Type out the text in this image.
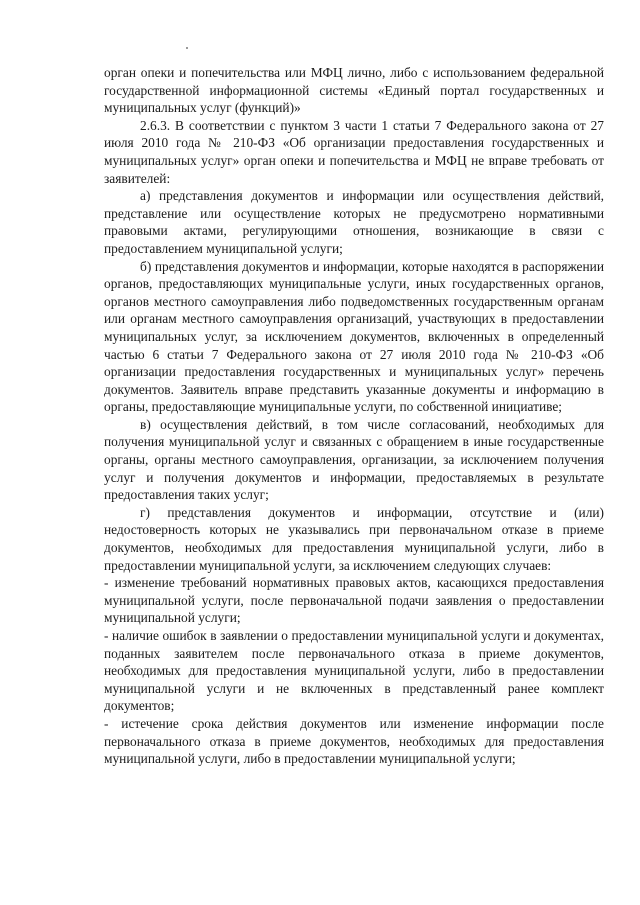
орган опеки и попечительства или МФЦ лично, либо с использованием федеральной государственной информационной системы «Единый портал государственных и муниципальных услуг (функций)»

2.6.3. В соответствии с пунктом 3 части 1 статьи 7 Федерального закона от 27 июля 2010 года № 210-ФЗ «Об организации предоставления государственных и муниципальных услуг» орган опеки и попечительства и МФЦ не вправе требовать от заявителей:

а) представления документов и информации или осуществления действий, представление или осуществление которых не предусмотрено нормативными правовыми актами, регулирующими отношения, возникающие в связи с предоставлением муниципальной услуги;

б) представления документов и информации, которые находятся в распоряжении органов, предоставляющих муниципальные услуги, иных государственных органов, органов местного самоуправления либо подведомственных государственным органам или органам местного самоуправления организаций, участвующих в предоставлении муниципальных услуг, за исключением документов, включенных в определенный частью 6 статьи 7 Федерального закона от 27 июля 2010 года № 210-ФЗ «Об организации предоставления государственных и муниципальных услуг» перечень документов. Заявитель вправе представить указанные документы и информацию в органы, предоставляющие муниципальные услуги, по собственной инициативе;

в) осуществления действий, в том числе согласований, необходимых для получения муниципальной услуг и связанных с обращением в иные государственные органы, органы местного самоуправления, организации, за исключением получения услуг и получения документов и информации, предоставляемых в результате предоставления таких услуг;

г) представления документов и информации, отсутствие и (или) недостоверность которых не указывались при первоначальном отказе в приеме документов, необходимых для предоставления муниципальной услуги, либо в предоставлении муниципальной услуги, за исключением следующих случаев:

- изменение требований нормативных правовых актов, касающихся предоставления муниципальной услуги, после первоначальной подачи заявления о предоставлении муниципальной услуги;

- наличие ошибок в заявлении о предоставлении муниципальной услуги и документах, поданных заявителем после первоначального отказа в приеме документов, необходимых для предоставления муниципальной услуги, либо в предоставлении муниципальной услуги и не включенных в представленный ранее комплект документов;

- истечение срока действия документов или изменение информации после первоначального отказа в приеме документов, необходимых для предоставления муниципальной услуги, либо в предоставлении муниципальной услуги;
